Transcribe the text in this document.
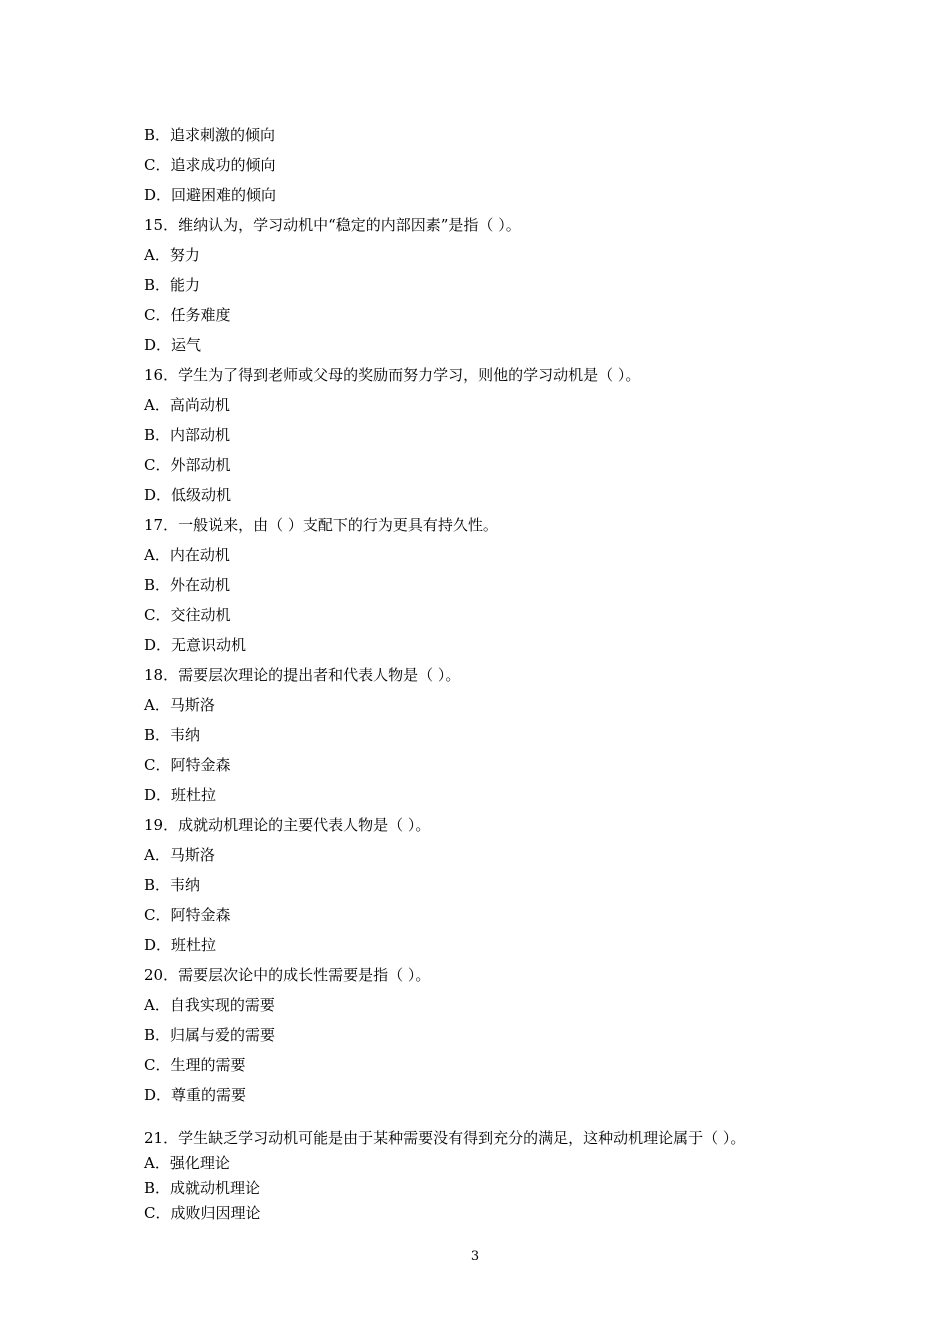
B．追求刺激的倾向
C．追求成功的倾向
D．回避困难的倾向
15．维纳认为，学习动机中“稳定的内部因素”是指（ ）。
A．努力
B．能力
C．任务难度
D．运气
16．学生为了得到老师或父母的奖励而努力学习，则他的学习动机是（ ）。
A．高尚动机
B．内部动机
C．外部动机
D．低级动机
17．一般说来，由（ ）支配下的行为更具有持久性。
A．内在动机
B．外在动机
C．交往动机
D．无意识动机
18．需要层次理论的提出者和代表人物是（ ）。
A．马斯洛
B．韦纳
C．阿特金森
D．班杜拉
19．成就动机理论的主要代表人物是（ ）。
A．马斯洛
B．韦纳
C．阿特金森
D．班杜拉
20．需要层次论中的成长性需要是指（ ）。
A．自我实现的需要
B．归属与爱的需要
C．生理的需要
D．尊重的需要
21．学生缺乏学习动机可能是由于某种需要没有得到充分的满足，这种动机理论属于（ ）。
A．强化理论
B．成就动机理论
C．成败归因理论
3
